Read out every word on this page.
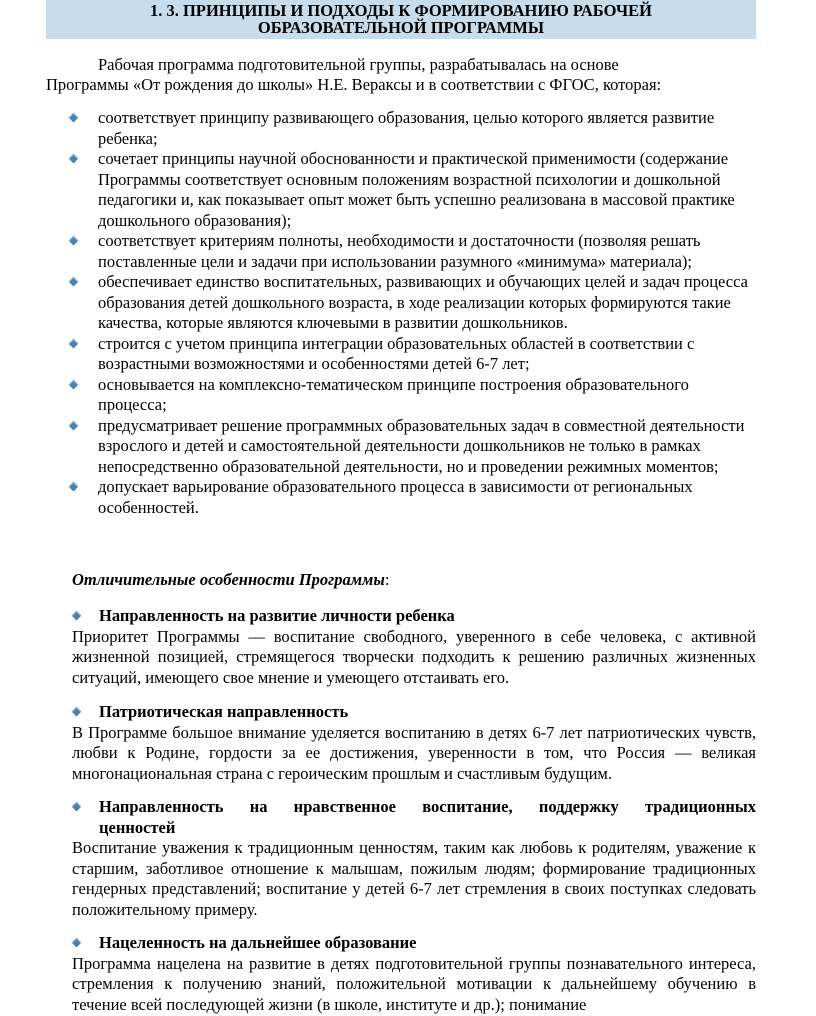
1. 3. ПРИНЦИПЫ И ПОДХОДЫ К ФОРМИРОВАНИЮ РАБОЧЕЙ
ОБРАЗОВАТЕЛЬНОЙ ПРОГРАММЫ
Рабочая программа подготовительной группы, разрабатывалась на основе
Программы «От рождения до школы» Н.Е. Вераксы и в соответствии с ФГОС, которая:
соответствует принципу развивающего образования, целью которого является развитие ребенка;
сочетает принципы научной обоснованности и практической применимости (содержание Программы соответствует основным положениям возрастной психологии и дошкольной педагогики и, как показывает опыт может быть успешно реализована в массовой практике дошкольного образования);
соответствует критериям полноты, необходимости и достаточности (позволяя решать поставленные цели и задачи при использовании разумного «минимума» материала);
обеспечивает единство воспитательных, развивающих и обучающих целей и задач процесса образования детей дошкольного возраста, в ходе реализации которых формируются такие качества, которые являются ключевыми в развитии дошкольников.
строится с учетом принципа интеграции образовательных областей в соответствии с возрастными возможностями и особенностями детей 6-7 лет;
основывается на комплексно-тематическом принципе построения образовательного процесса;
предусматривает решение программных образовательных задач в совместной деятельности взрослого и детей и самостоятельной деятельности дошкольников не только в рамках непосредственно образовательной деятельности, но и проведении режимных моментов;
допускает варьирование образовательного процесса в зависимости от региональных особенностей.
Отличительные особенности Программы:
Направленность на развитие личности ребенка
Приоритет Программы — воспитание свободного, уверенного в себе человека, с активной жизненной позицией, стремящегося творчески подходить к решению различных жизненных ситуаций, имеющего свое мнение и умеющего отстаивать его.
Патриотическая направленность
В Программе большое внимание уделяется воспитанию в детях 6-7 лет патриотических чувств, любви к Родине, гордости за ее достижения, уверенности в том, что Россия — великая многонациональная страна с героическим прошлым и счастливым будущим.
Направленность на нравственное воспитание, поддержку традиционных
ценностей
Воспитание уважения к традиционным ценностям, таким как любовь к родителям, уважение к старшим, заботливое отношение к малышам, пожилым людям; формирование традиционных гендерных представлений; воспитание у детей 6-7 лет стремления в своих поступках следовать положительному примеру.
Нацеленность на дальнейшее образование
Программа нацелена на развитие в детях подготовительной группы познавательного интереса, стремления к получению знаний, положительной мотивации к дальнейшему обучению в течение всей последующей жизни (в школе, институте и др.); понимание
